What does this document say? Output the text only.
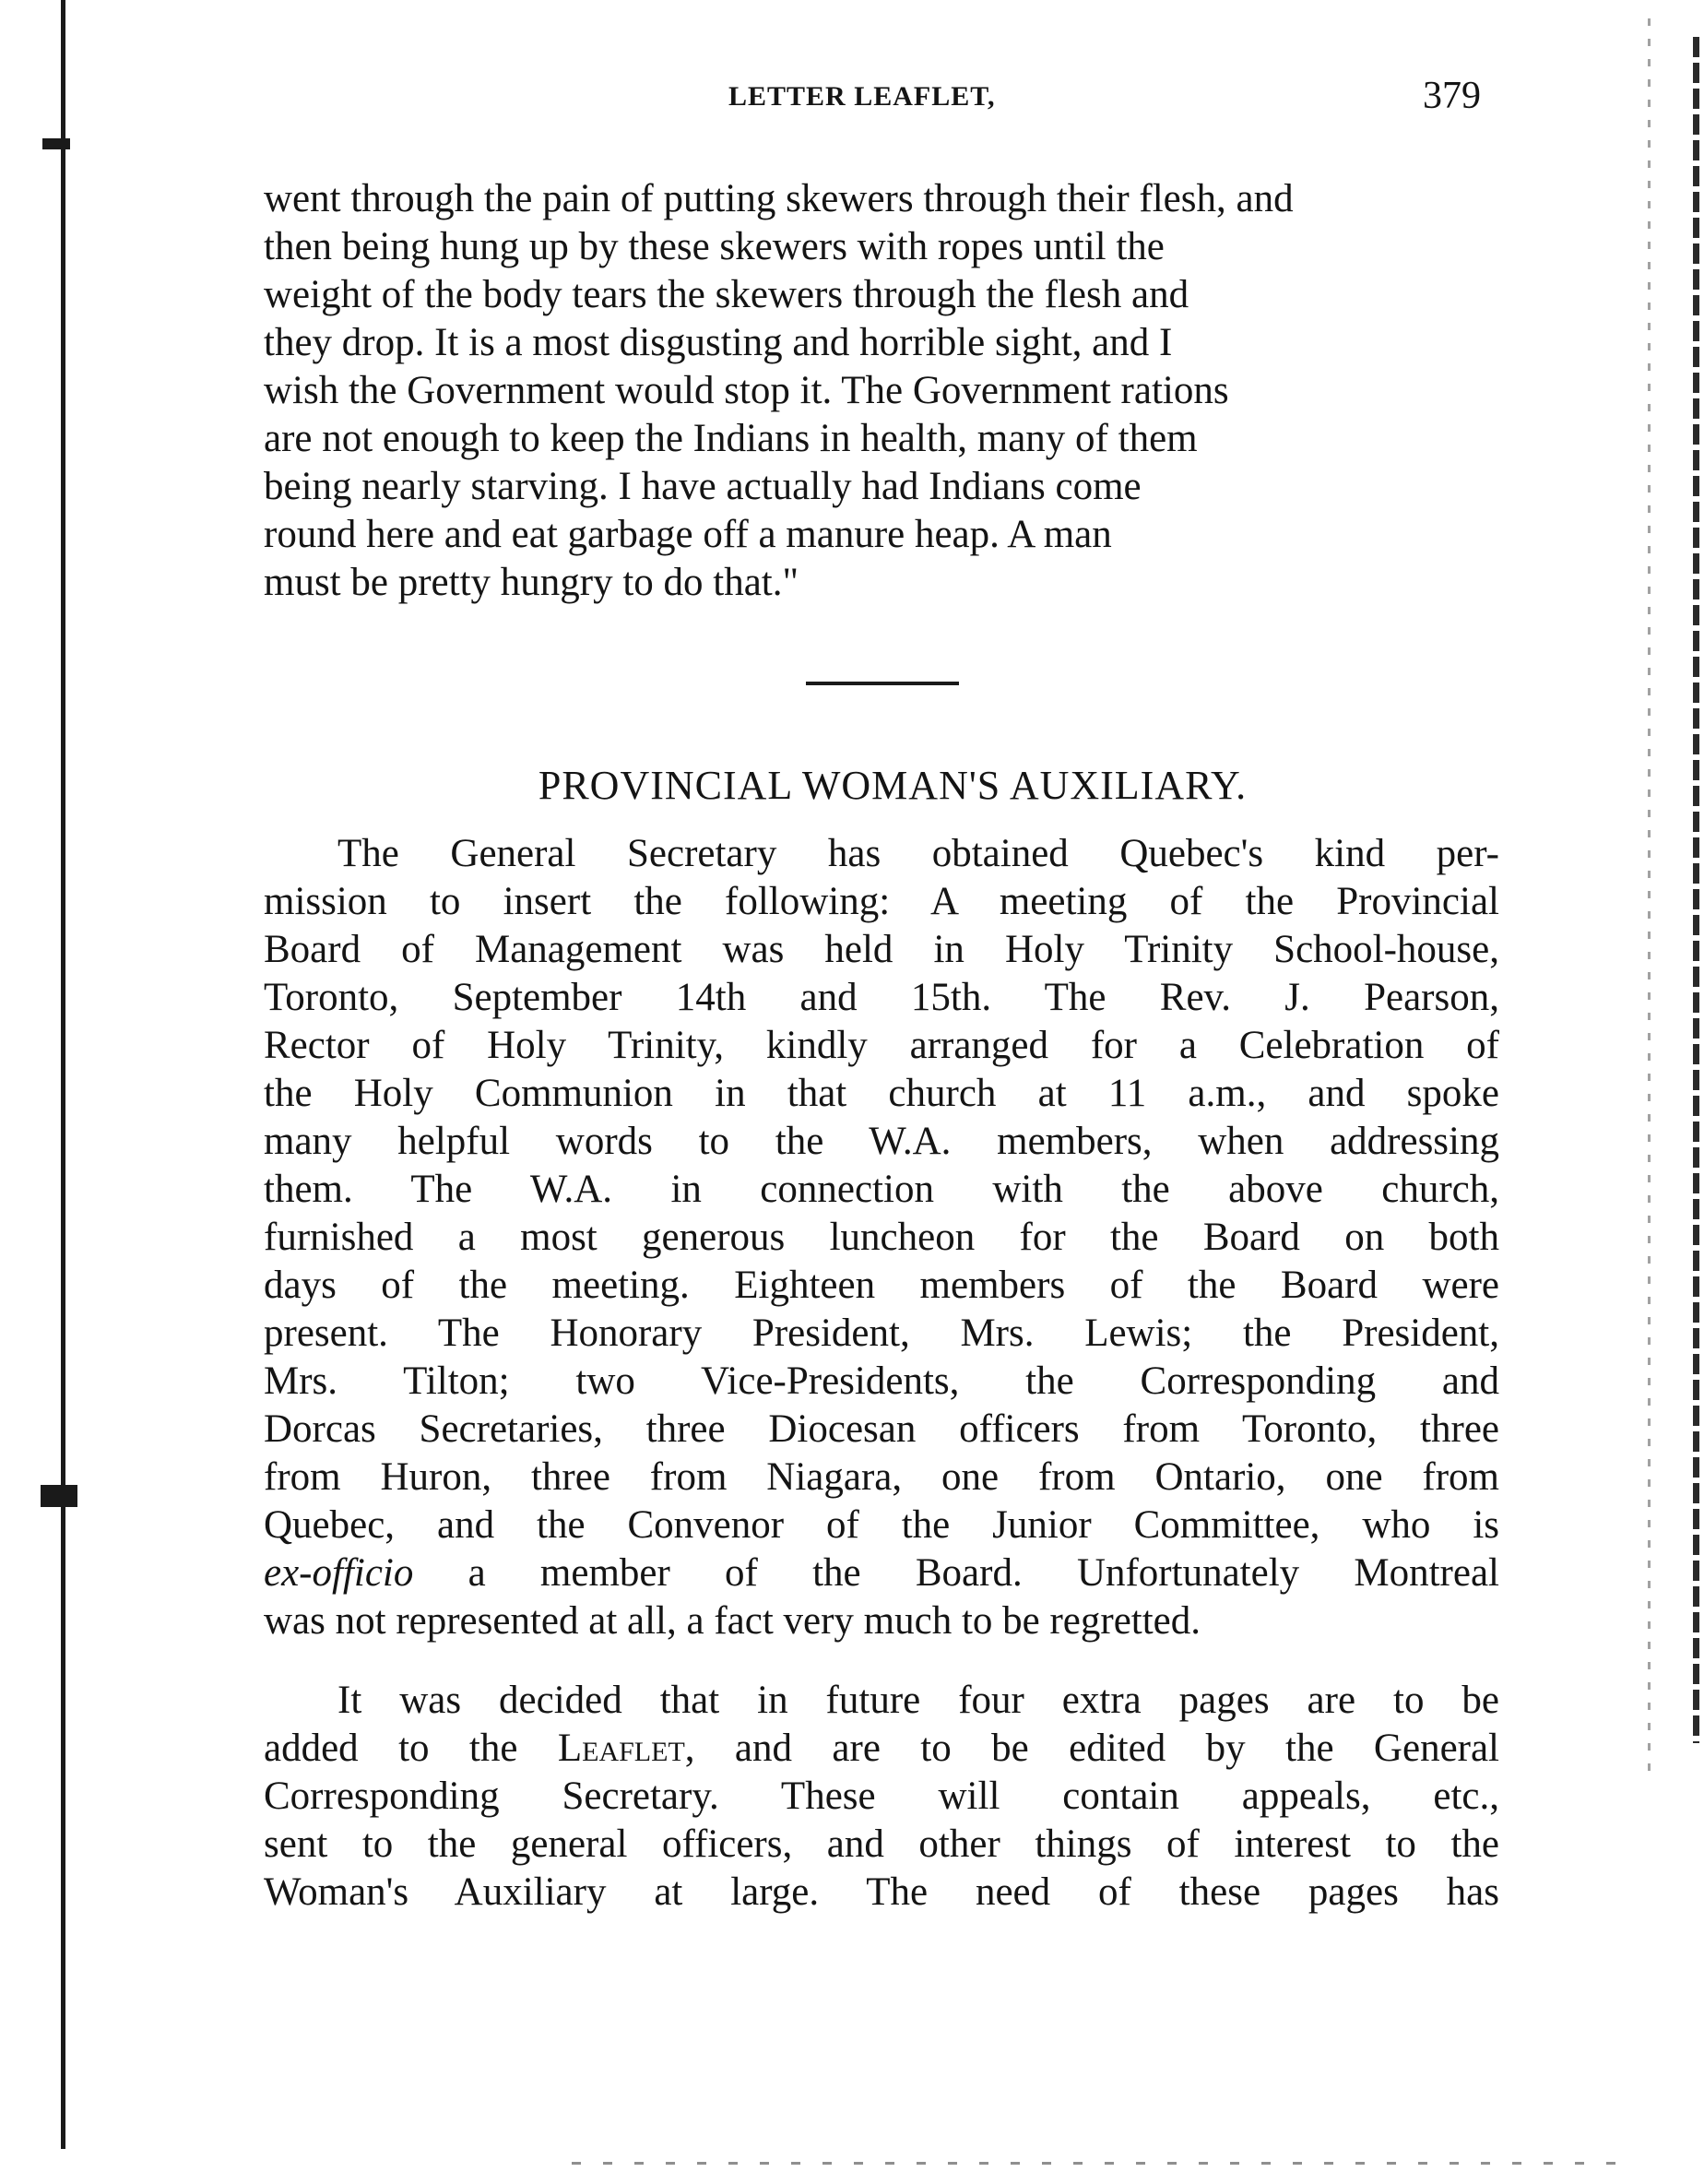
LETTER LEAFLET,	379

went through the pain of putting skewers through their flesh, and
then being hung up by these skewers with ropes until the
weight of the body tears the skewers through the flesh and
they drop. It is a most disgusting and horrible sight, and I
wish the Government would stop it. The Government rations
are not enough to keep the Indians in health, many of them
being nearly starving. I have actually had Indians come
round here and eat garbage off a manure heap. A man
must be pretty hungry to do that."

PROVINCIAL WOMAN'S AUXILIARY.

The General Secretary has obtained Quebec's kind per-
mission to insert the following: A meeting of the Provincial
Board of Management was held in Holy Trinity School-house,
Toronto, September 14th and 15th. The Rev. J. Pearson,
Rector of Holy Trinity, kindly arranged for a Celebration of
the Holy Communion in that church at 11 a.m., and spoke
many helpful words to the W.A. members, when addressing
them. The W.A. in connection with the above church,
furnished a most generous luncheon for the Board on both
days of the meeting. Eighteen members of the Board were
present. The Honorary President, Mrs. Lewis; the President,
Mrs. Tilton; two Vice-Presidents, the Corresponding and
Dorcas Secretaries, three Diocesan officers from Toronto, three
from Huron, three from Niagara, one from Ontario, one from
Quebec, and the Convenor of the Junior Committee, who is
ex-officio a member of the Board. Unfortunately Montreal
was not represented at all, a fact very much to be regretted.

It was decided that in future four extra pages are to be
added to the Leaflet, and are to be edited by the General
Corresponding Secretary. These will contain appeals, etc.,
sent to the general officers, and other things of interest to the
Woman's Auxiliary at large. The need of these pages has
